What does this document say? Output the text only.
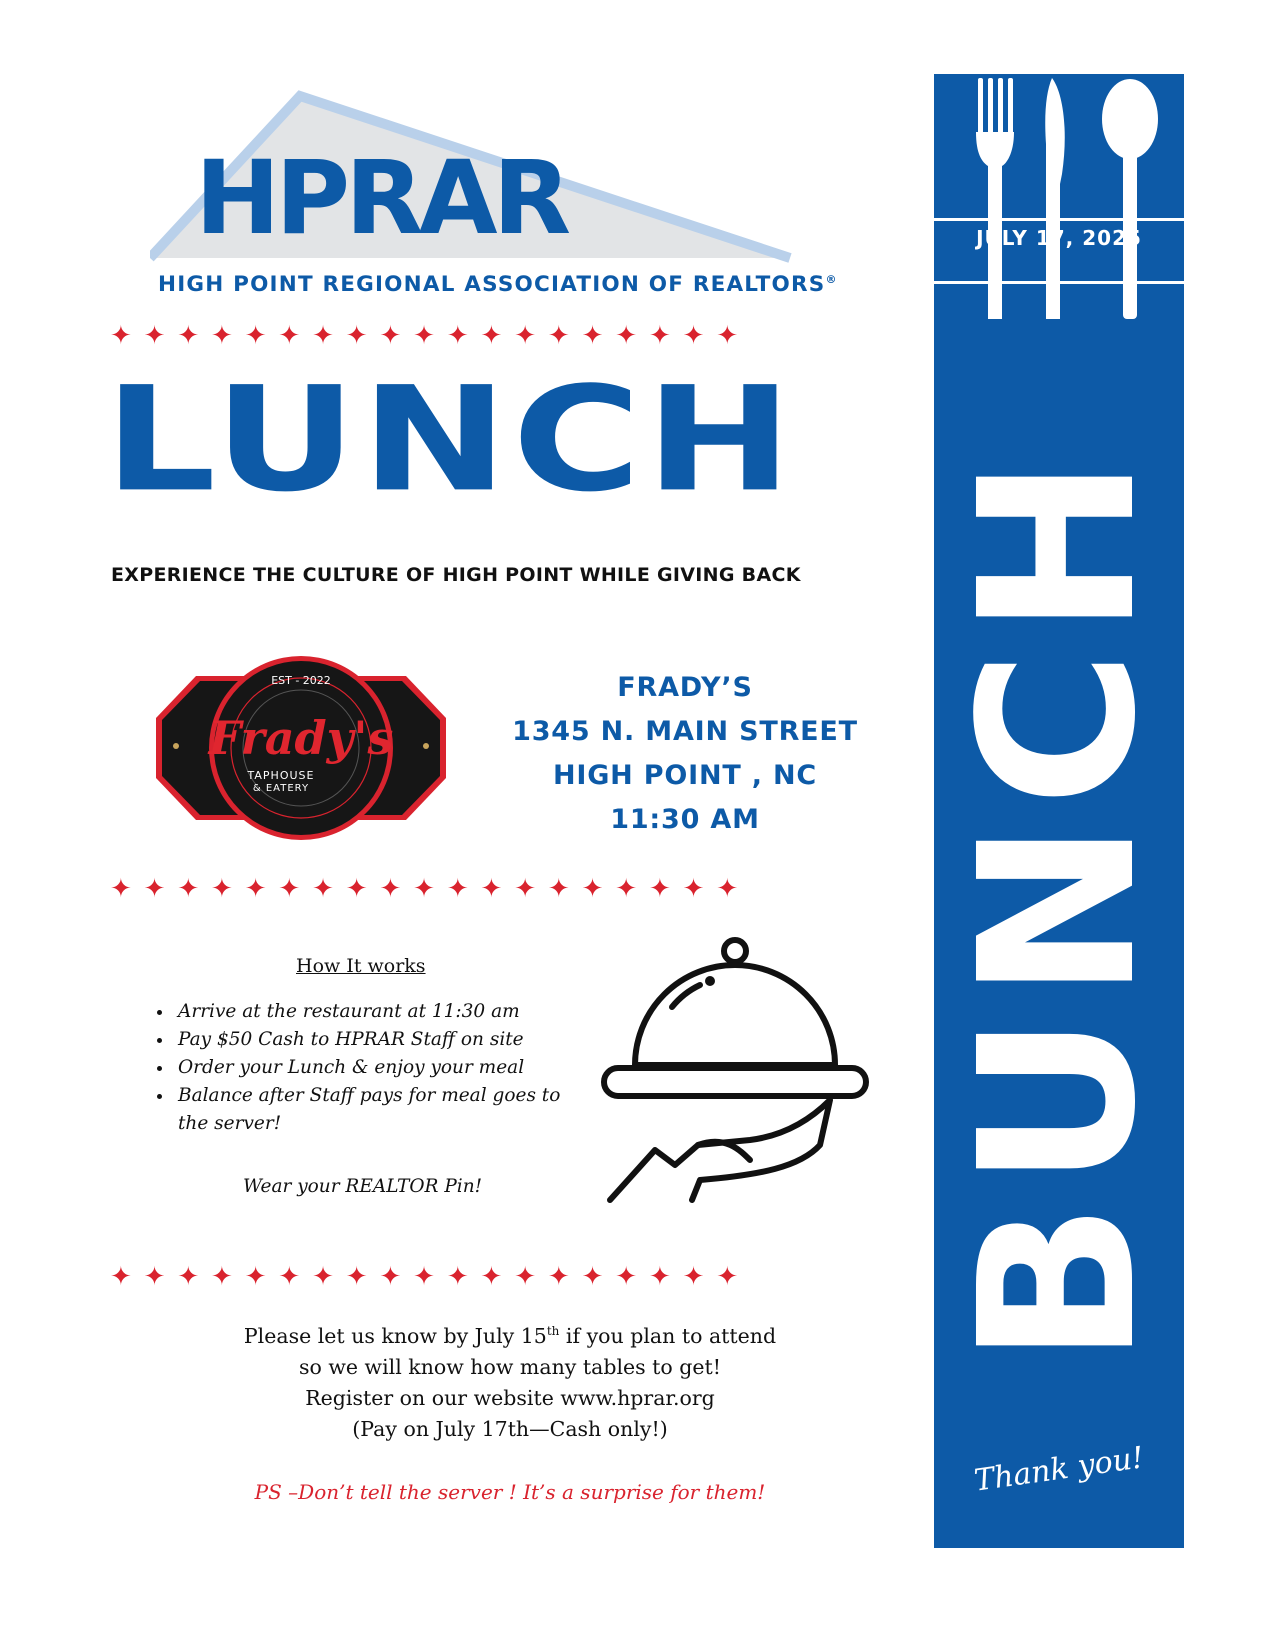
HPRAR
HIGH POINT REGIONAL ASSOCIATION OF REALTORS®
✦✦✦✦✦✦✦✦✦✦✦✦✦✦✦✦✦✦✦
LUNCH
EXPERIENCE THE CULTURE OF HIGH POINT WHILE GIVING BACK
EST - 2022
Frady's
TAPHOUSE
& EATERY
FRADY’S
1345 N. MAIN STREET
HIGH POINT , NC
11:30 AM
✦✦✦✦✦✦✦✦✦✦✦✦✦✦✦✦✦✦✦
How It works
• Arrive at the restaurant at 11:30 am
• Pay $50 Cash to HPRAR Staff on site
• Order your Lunch & enjoy your meal
• Balance after Staff pays for meal goes to the server!
Wear your REALTOR Pin!
✦✦✦✦✦✦✦✦✦✦✦✦✦✦✦✦✦✦✦
Please let us know by July 15th if you plan to attend
so we will know how many tables to get!
Register on our website www.hprar.org
(Pay on July 17th—Cash only!)
PS –Don’t tell the server ! It’s a surprise for them!
JULY 17, 2025
BUNCH
Thank you!
